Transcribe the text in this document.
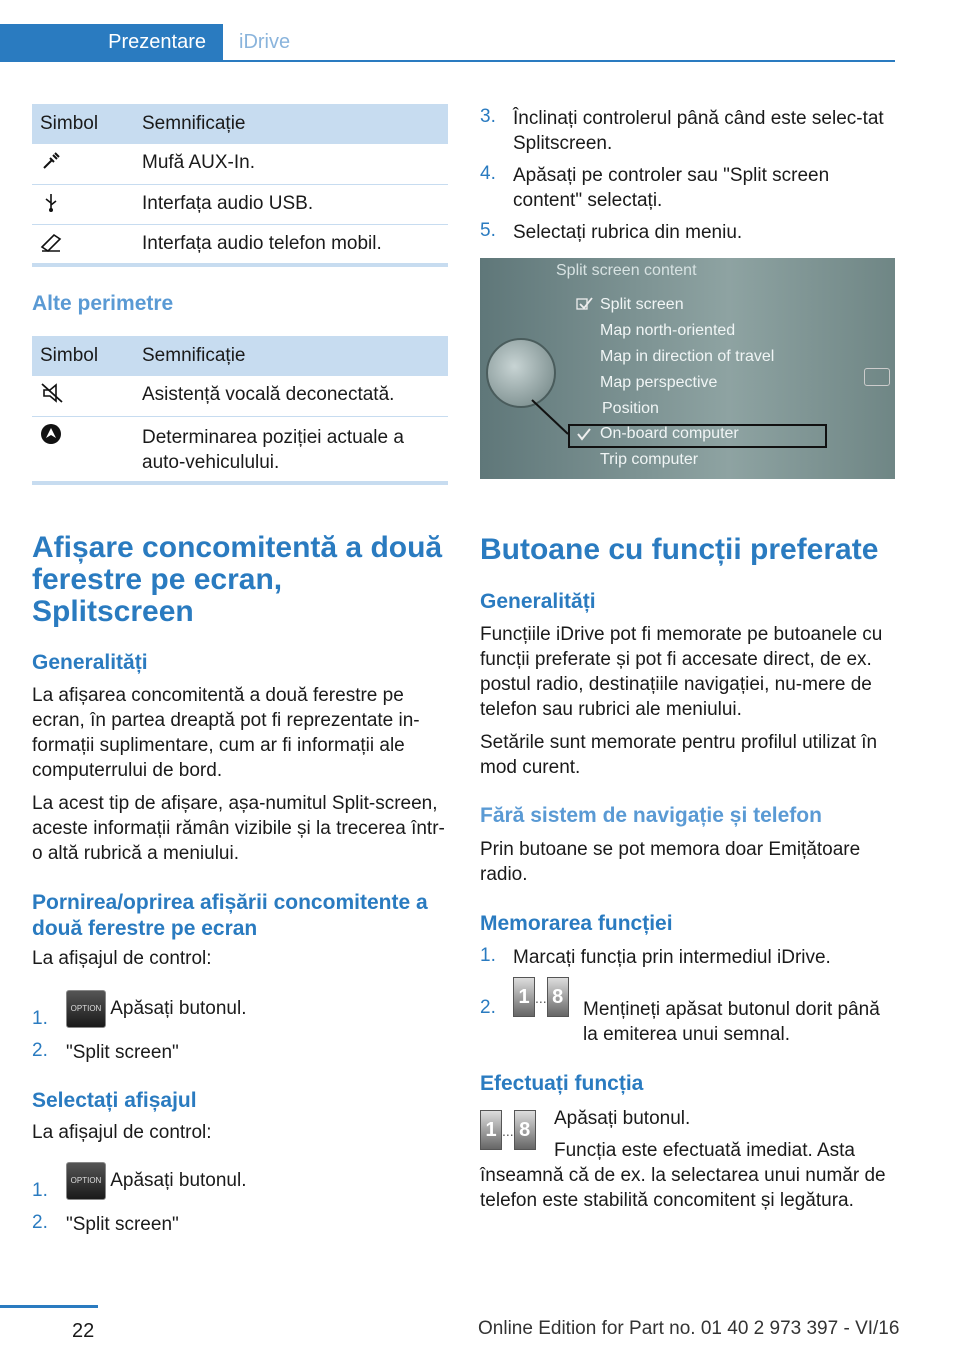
Prezentare	iDrive
Simbol	Semnificație
	Mufă AUX-In.
	Interfața audio USB.
	Interfața audio telefon mobil.
Alte perimetre
Simbol	Semnificație
	Asistență vocală deconectată.
	Determinarea poziției actuale a auto-vehiculului.
Afișare concomitentă a două ferestre pe ecran, Splitscreen
Generalități
La afișarea concomitentă a două ferestre pe ecran, în partea dreaptă pot fi reprezentate in-formații suplimentare, cum ar fi informații ale computerrului de bord.
La acest tip de afișare, așa-numitul Split-screen, aceste informații rămân vizibile și la trecerea într-o altă rubrică a meniului.
Pornirea/oprirea afișării concomitente a două ferestre pe ecran
La afișajul de control:
1.	OPTION Apăsați butonul.
2. "Split screen"
Selectați afișajul
La afișajul de control:
1.	OPTION Apăsați butonul.
2. "Split screen"
3. Înclinați controlerul până când este selec-tat Splitscreen.
4. Apăsați pe controler sau "Split screen content" selectați.
5. Selectați rubrica din meniu.
Split screen content
Split screen
Map north-oriented
Map in direction of travel
Map perspective
Position
On-board computer
Trip computer
Butoane cu funcții preferate
Generalități
Funcțiile iDrive pot fi memorate pe butoanele cu funcții preferate și pot fi accesate direct, de ex. postul radio, destinațiile navigației, nu-mere de telefon sau rubrici ale meniului.
Setările sunt memorate pentru profilul utilizat în mod curent.
Fără sistem de navigație și telefon
Prin butoane se pot memora doar Emițătoare radio.
Memorarea funcției
1. Marcați funcția prin intermediul iDrive.
2. 1 ... 8
Mențineți apăsat butonul dorit până la emiterea unui semnal.
Efectuați funcția
1 ... 8
Apăsați butonul.
Funcția este efectuată imediat. Asta înseamnă că de ex. la selectarea unui număr de telefon este stabilită concomitent și legătura.
22	Online Edition for Part no. 01 40 2 973 397 - VI/16
